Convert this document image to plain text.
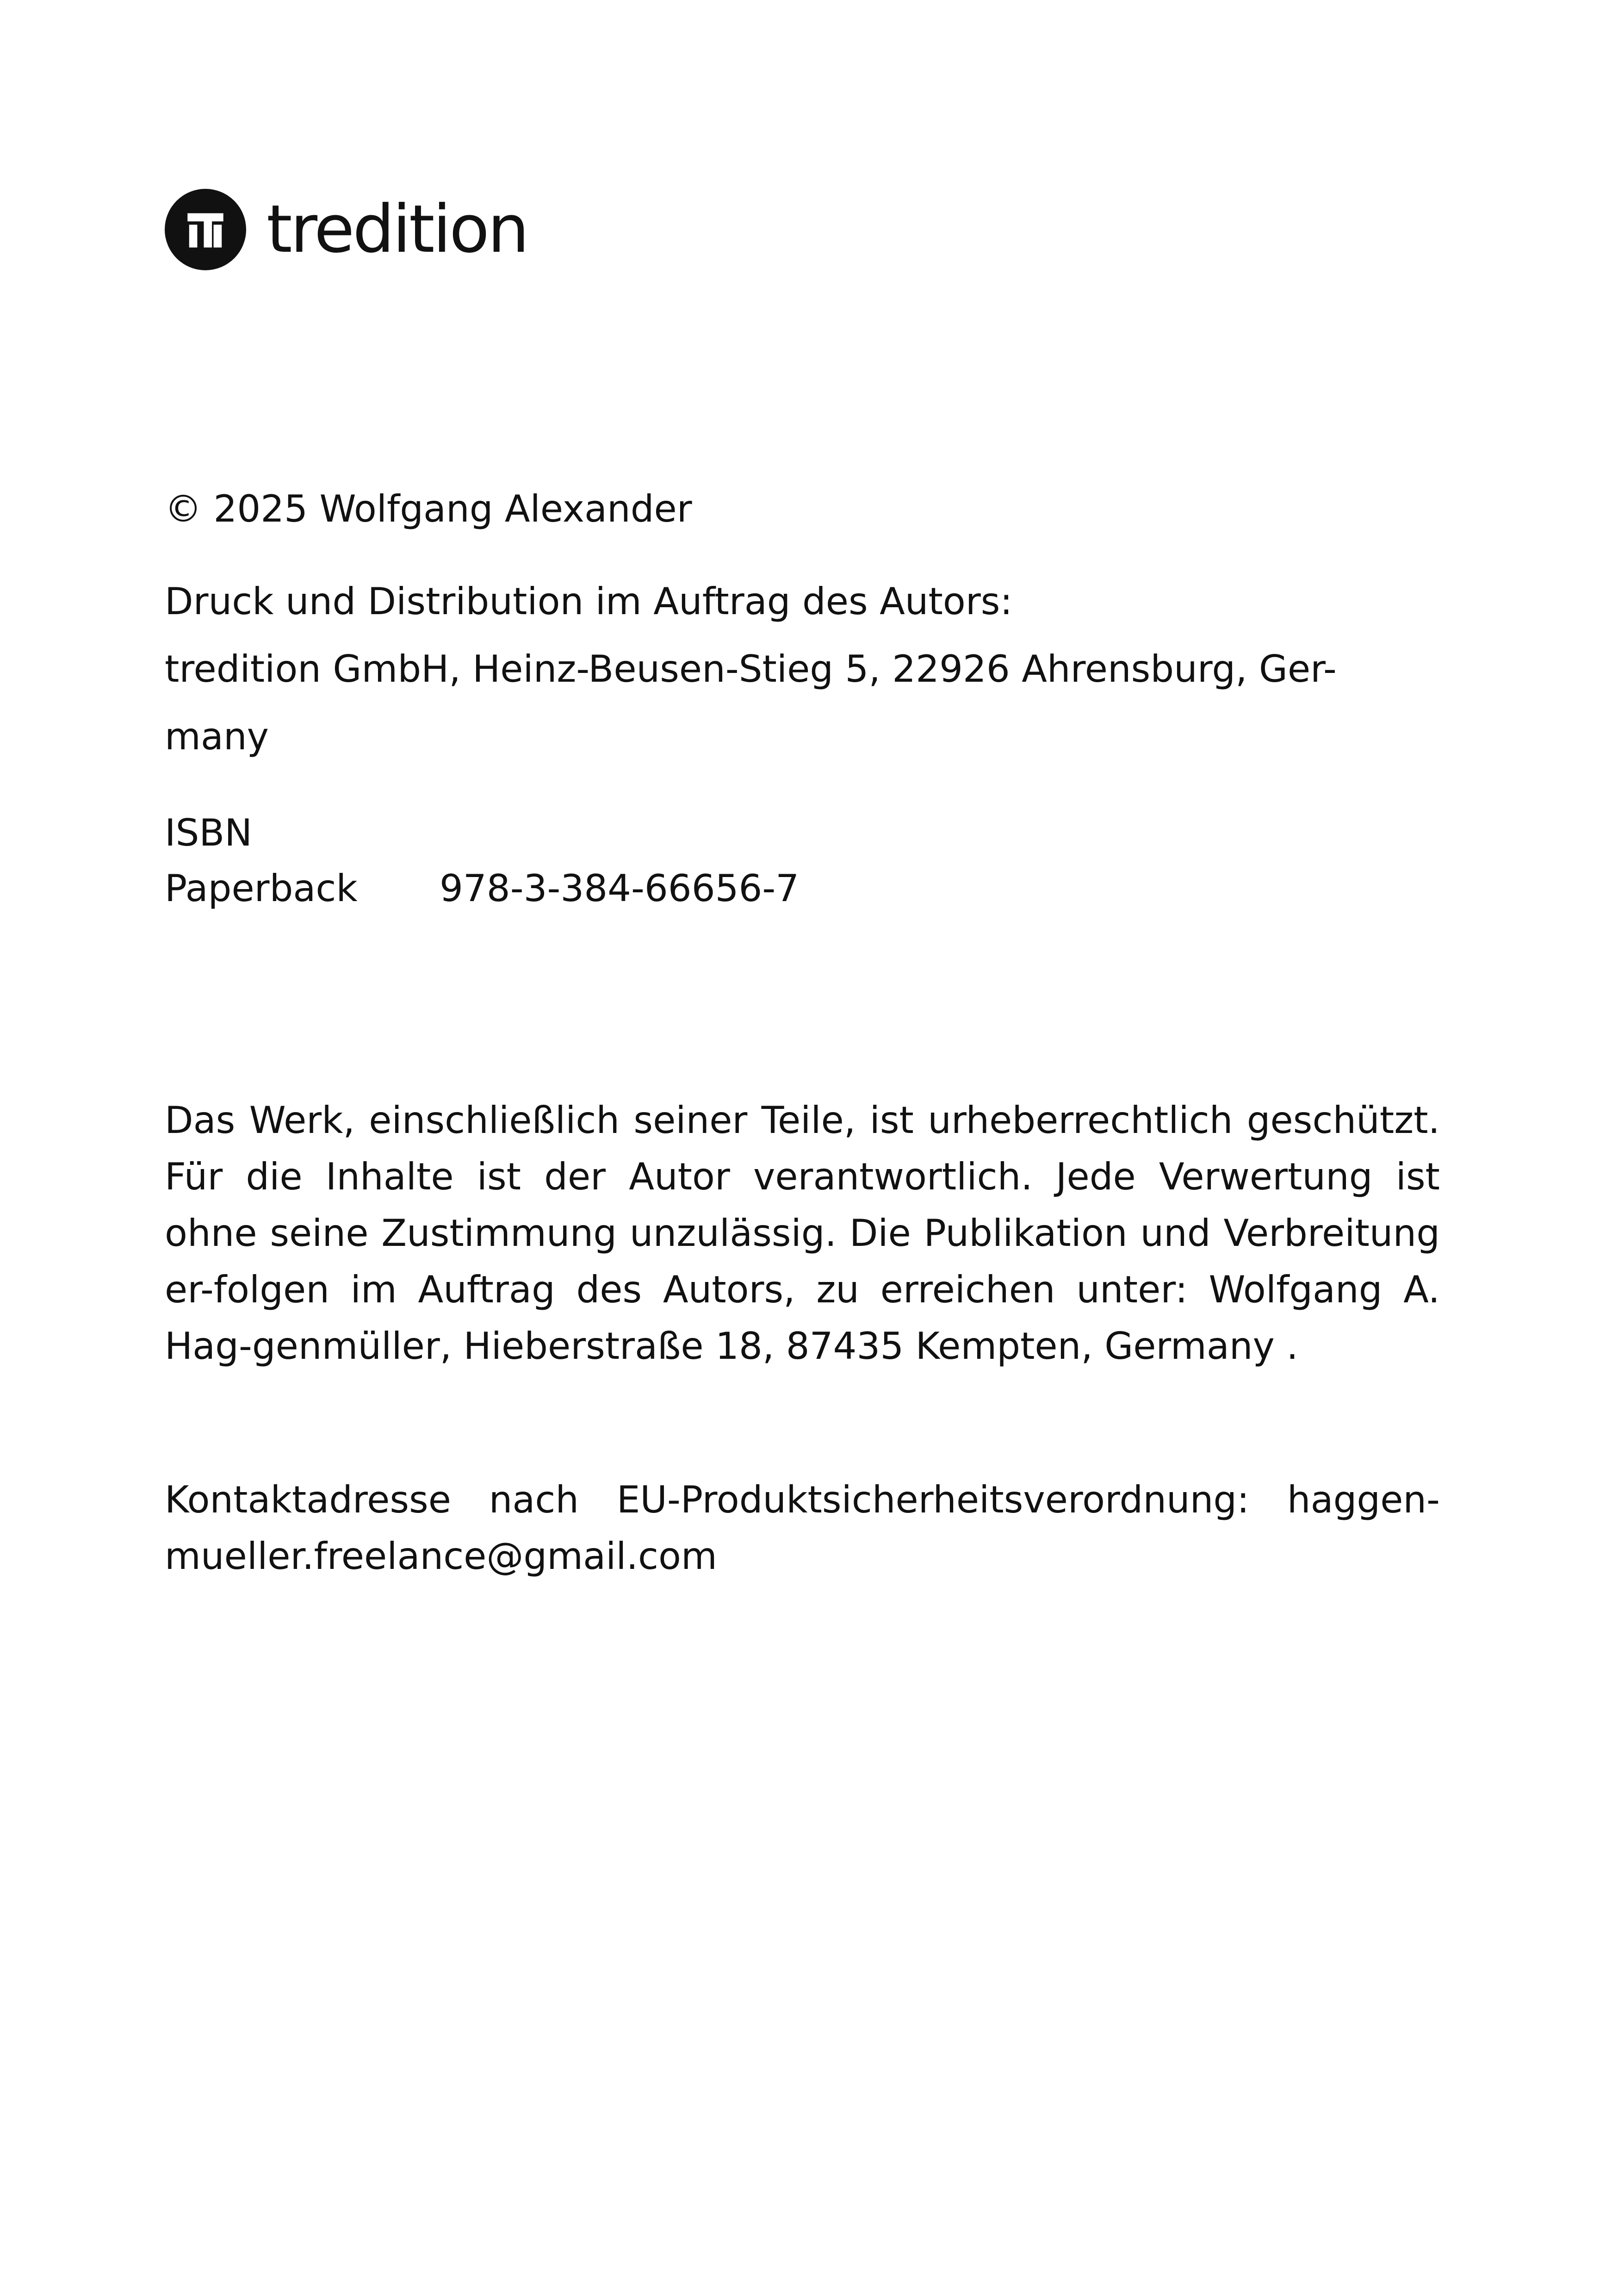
tredition

© 2025 Wolfgang Alexander

Druck und Distribution im Auftrag des Autors:

tredition GmbH, Heinz-Beusen-Stieg 5, 22926 Ahrensburg, Ger-

many

ISBN

Paperback	978-3-384-66656-7

Das Werk, einschließlich seiner Teile, ist urheberrechtlich geschützt. Für die Inhalte ist der Autor verantwortlich. Jede Verwertung ist ohne seine Zustimmung unzulässig. Die Publikation und Verbreitung er-folgen im Auftrag des Autors, zu erreichen unter: Wolfgang A. Hag-genmüller, Hieberstraße 18, 87435 Kempten, Germany .

Kontaktadresse nach EU-Produktsicherheitsverordnung: haggen-mueller.freelance@gmail.com
